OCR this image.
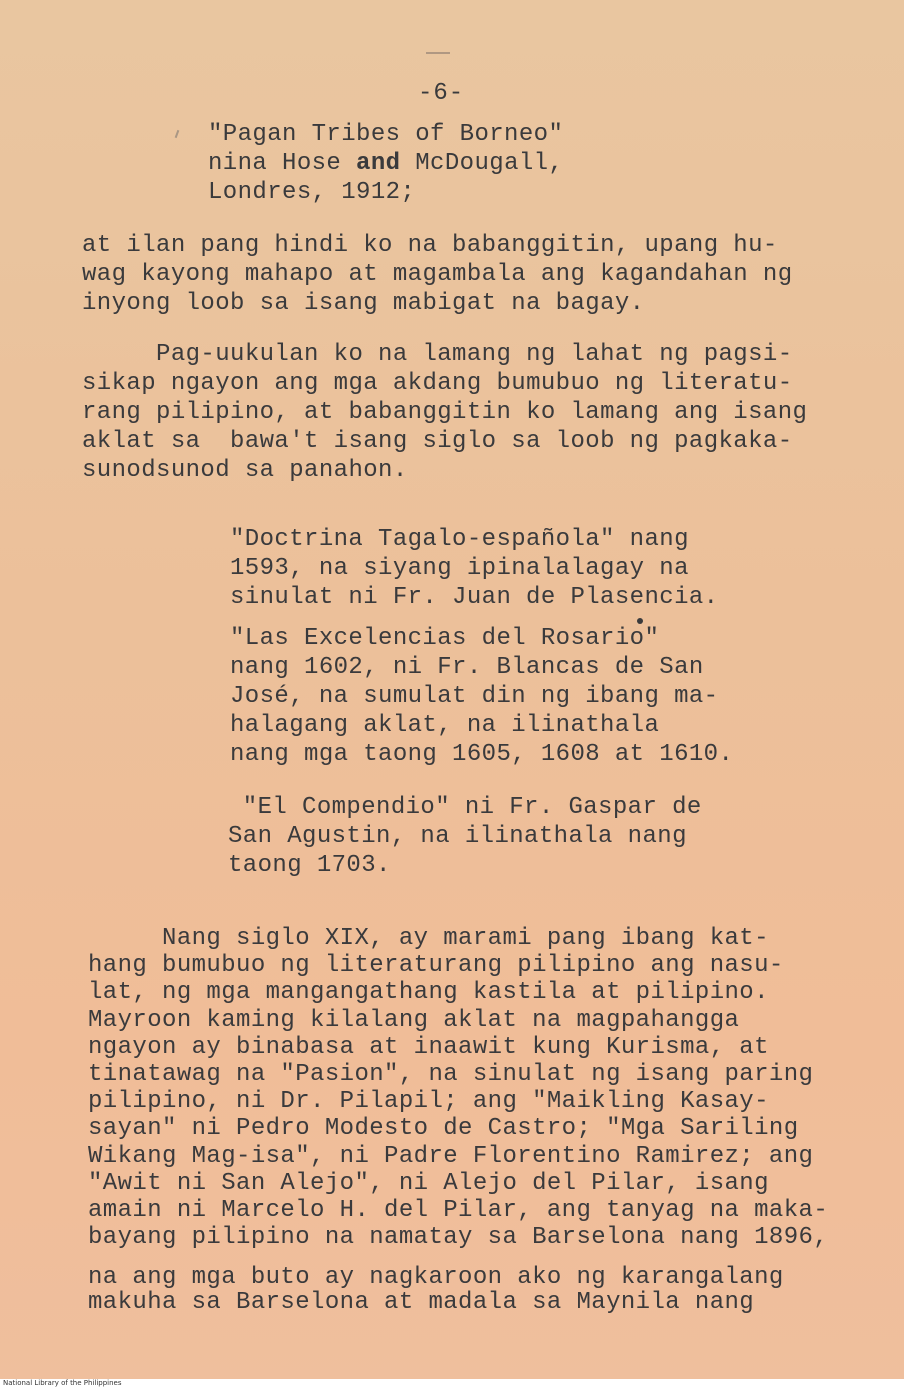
-6-
"Pagan Tribes of Borneo"
nina Hose and McDougall,
Londres, 1912;
at ilan pang hindi ko na babanggitin, upang hu-
wag kayong mahapo at magambala ang kagandahan ng
inyong loob sa isang mabigat na bagay.
Pag-uukulan ko na lamang ng lahat ng pagsi-
sikap ngayon ang mga akdang bumubuo ng literatu-
rang pilipino, at babanggitin ko lamang ang isang
aklat sa  bawa't isang siglo sa loob ng pagkaka-
sunodsunod sa panahon.
"Doctrina Tagalo-española" nang
1593, na siyang ipinalalagay na
sinulat ni Fr. Juan de Plasencia.
"Las Excelencias del Rosario"
nang 1602, ni Fr. Blancas de San
José, na sumulat din ng ibang ma-
halagang aklat, na ilinathala
nang mga taong 1605, 1608 at 1610.
"El Compendio" ni Fr. Gaspar de
San Agustin, na ilinathala nang
taong 1703.
Nang siglo XIX, ay marami pang ibang kat-
hang bumubuo ng literaturang pilipino ang nasu-
lat, ng mga mangangathang kastila at pilipino.
Mayroon kaming kilalang aklat na magpahangga
ngayon ay binabasa at inaawit kung Kurisma, at
tinatawag na "Pasion", na sinulat ng isang paring
pilipino, ni Dr. Pilapil; ang "Maikling Kasay-
sayan" ni Pedro Modesto de Castro; "Mga Sariling
Wikang Mag-isa", ni Padre Florentino Ramirez; ang
"Awit ni San Alejo", ni Alejo del Pilar, isang
amain ni Marcelo H. del Pilar, ang tanyag na maka-
bayang pilipino na namatay sa Barselona nang 1896,
na ang mga buto ay nagkaroon ako ng karangalang
makuha sa Barselona at madala sa Maynila nang
National Library of the Philippines
